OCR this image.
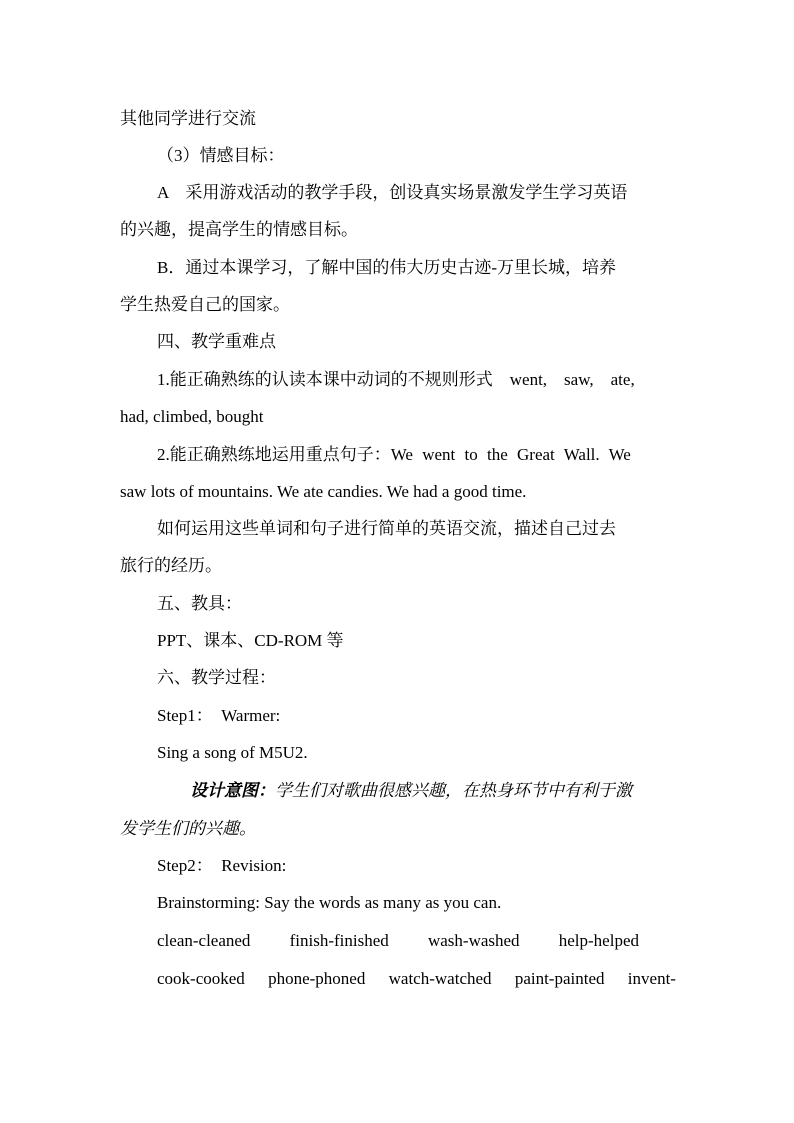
其他同学进行交流
（3）情感目标：
A　采用游戏活动的教学手段，创设真实场景激发学生学习英语
的兴趣，提高学生的情感目标。
B．通过本课学习，了解中国的伟大历史古迹-万里长城，培养
学生热爱自己的国家。
四、教学重难点
1.能正确熟练的认读本课中动词的不规则形式　went,　saw,　ate,
had, climbed, bought
2.能正确熟练地运用重点句子：We went to the Great Wall. We
saw lots of mountains. We ate candies. We had a good time.
如何运用这些单词和句子进行简单的英语交流，描述自己过去
旅行的经历。
五、教具：
PPT、课本、CD-ROM 等
六、教学过程：
Step1：　Warmer:
Sing a song of M5U2.
设计意图：学生们对歌曲很感兴趣，在热身环节中有利于激
发学生们的兴趣。
Step2：　Revision:
Brainstorming: Say the words as many as you can.
clean-cleaned finish-finished wash-washed help-helped
cook-cooked phone-phoned watch-watched paint-painted invent-
